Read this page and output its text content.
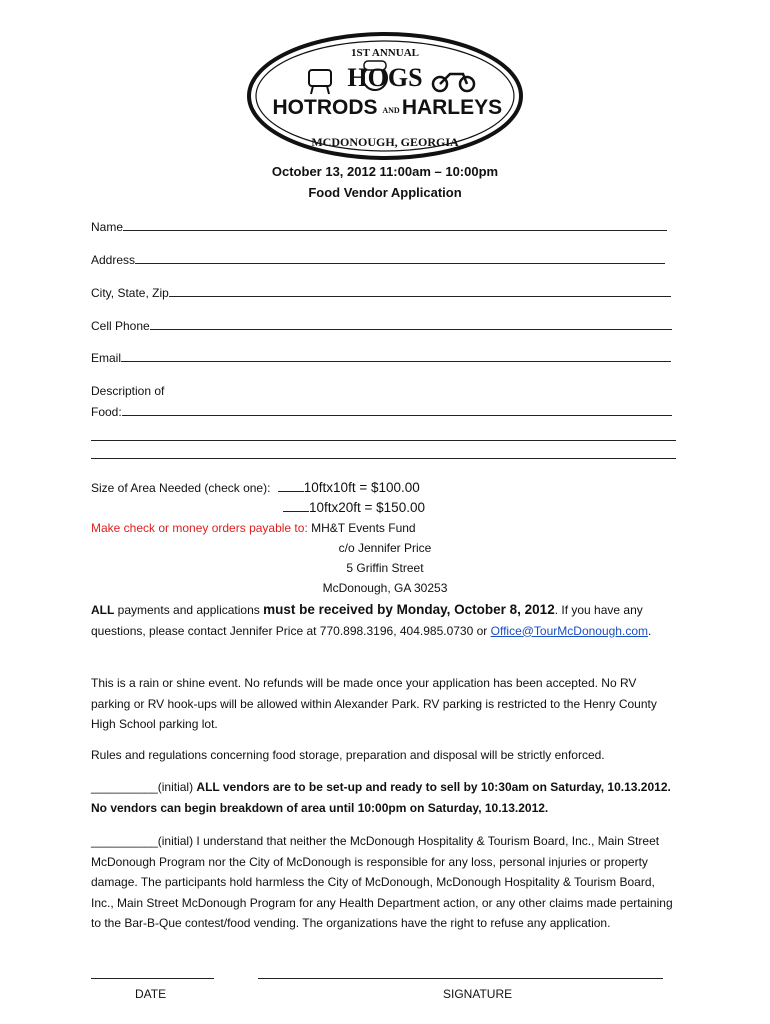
1ST ANNUAL
HOGS
HOTRODS AND HARLEYS
MCDONOUGH, GEORGIA
October 13, 2012 11:00am – 10:00pm
Food Vendor Application
Name
Address
City, State, Zip
Cell Phone
Email
Description of
Food:
Size of Area Needed (check one): 10ftx10ft = $100.00
10ftx20ft = $150.00
Make check or money orders payable to: MH&T Events Fund
c/o Jennifer Price
5 Griffin Street
McDonough, GA 30253
ALL payments and applications must be received by Monday, October 8, 2012. If you have any questions, please contact Jennifer Price at 770.898.3196, 404.985.0730 or Office@TourMcDonough.com.
This is a rain or shine event. No refunds will be made once your application has been accepted. No RV parking or RV hook-ups will be allowed within Alexander Park. RV parking is restricted to the Henry County High School parking lot.
Rules and regulations concerning food storage, preparation and disposal will be strictly enforced.
__________(initial) ALL vendors are to be set-up and ready to sell by 10:30am on Saturday, 10.13.2012. No vendors can begin breakdown of area until 10:00pm on Saturday, 10.13.2012.
__________(initial) I understand that neither the McDonough Hospitality & Tourism Board, Inc., Main Street McDonough Program nor the City of McDonough is responsible for any loss, personal injuries or property damage. The participants hold harmless the City of McDonough, McDonough Hospitality & Tourism Board, Inc., Main Street McDonough Program for any Health Department action, or any other claims made pertaining to the Bar-B-Que contest/food vending. The organizations have the right to refuse any application.
DATE	SIGNATURE
